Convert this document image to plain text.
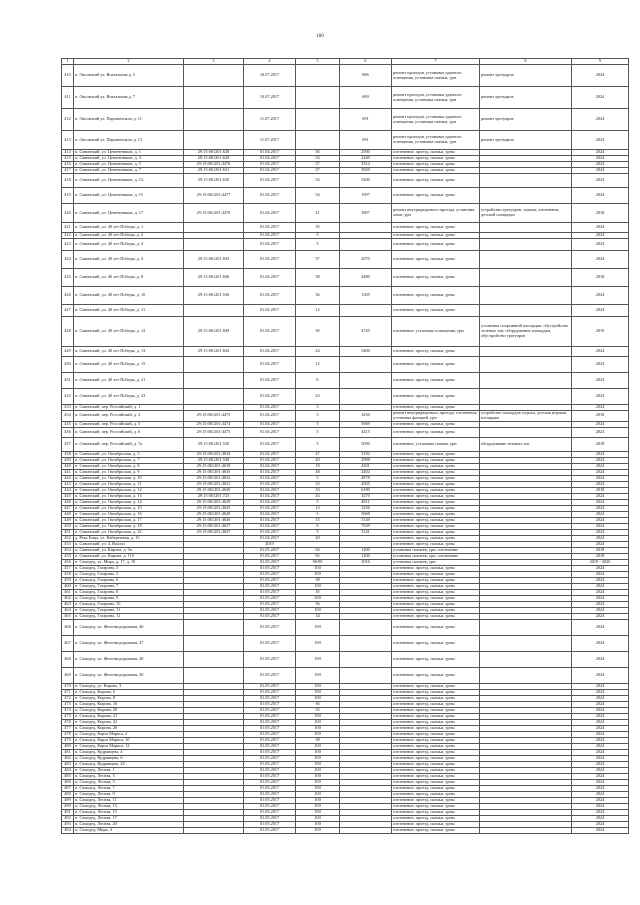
180
1	2	3	4	5	6	7	8	9
410	п. Оксовский ул. Вокзальная д. 5		10.07.2017		686	ремонт проездов, установка удачного освещения, установка скамьи, урн	ремонт тротуаров	2024
411	п. Оксовский ул. Вокзальная д. 7		10.07.2017		690	ремонт проездов, установка удачного освещения, установка скамьи, урн	ремонт тротуаров	2024
412	п. Оксовский ул. Пароменского д. 11		11.07.2017		691	ремонт проездов, установка удачного освещения, установка скамьи, урн	ремонт тротуаров	2024
413	п. Оксовский ул. Пароменского д. 15		11.07.2017		691	ремонт проездов, установка удачного освещения, установка скамьи, урн	ремонт тротуаров	2024
414	п. Савинский, ул. Цементников, д. 1	29:15:061201:628	01.04.2017	36	2500	озеленение, проезд, скамьи, урны		2024
415	п. Савинский, ул. Цементников, д. 3	29:15:061201:629	01.04.2017	54	2440	озеленение, проезд, скамьи, урны		2024
416	п. Савинский, ул. Цементников, д. 5	29:15:061201:4476	01.04.2017	37	3314	озеленение, проезд, скамьи, урны		2024
417	п. Савинский, ул. Цементников, д. 7	29:15:061201:631	01.04.2017	37	3650	озеленение, проезд, скамьи, урны		2024
418	п. Савинский, ул. Цементников, д. 13,	29:15:061201:630	01.04.2017	54	3200	озеленение, проезд, скамьи, урны		2024
419	п. Савинский, ул. Цементников, д. 15	29:15:061201:4477	01.04.2017	54	1997	озеленение, проезд, скамьи, урны		2024
420	п. Савинский, ул. Цементников, д. 17	29:15:061201:4478	01.04.2017	21	3807	ремонт внутридворового проезда, установка ламп, урн	устройство тротуаров, скамьи, озеленение, детской площадки	2018
421	п. Савинский, ул. 40 лет Победы, д. 1		01.04.2017	35		озеленение, проезд, скамьи, урны		2024
422	п. Савинский, ул. 40 лет Победы, д. 2		01.04.2017	5		озеленение, проезд, скамьи, урны		2024
423	п. Савинский, ул. 40 лет Победы, д. 3		01.04.2017	5		озеленение, проезд, скамьи, урны		2024
424	п. Савинский, ул. 40 лет Победы, д. 4	29:15:061201:845	01.04.2017	37	2070	озеленение, проезд, скамьи, урны		2024
425	п. Савинский, ул. 40 лет Победы, д. 8	29:15:061201:846	01.04.2017	38	4480	озеленение, проезд, скамьи, урны		2018
426	п. Савинский, ул. 40 лет Победы, д. 10	29:15:061201:536	01.04.2017	36	1505	озеленение, проезд, скамьи, урны		2024
427	п. Савинский, ул. 40 лет Победы, д. 11		01.04.2017	12		озеленение, проезд, скамьи, урны		2024
428	п. Савинский, ул. 40 лет Победы, д. 12	29:15:061201:849	01.04.2017	30	4745	озеленение, установка освещения, урн	установка спортивной площадки, обустройство зеленых зон, оборудование площадки, обустройство тротуаров	2019
429	п. Савинский, ул. 40 лет Победы, д. 13	29:15:061201:844	01.04.2017	24	3400	озеленение, проезд, скамьи, урны		2024
430	п. Савинский, ул. 40 лет Победы, д. 15		01.04.2017	12		озеленение, проезд, скамьи, урны		2024
431	п. Савинский, ул. 40 лет Победы, д. 21		01.04.2017	6		озеленение, проезд, скамьи, урны		2024
432	п. Савинский, ул. 40 лет Победы, д. 23		01.04.2017	23		озеленение, проезд, скамьи, урны		2024
433	п. Савинский, пер. Российский, д. 1		01.04.2017	5		озеленение, проезд, скамьи, урны		2024
434	п. Савинский, пер. Российский, д. 2	29:15:061201:4473	01.04.2017	5	3250	ремонт внутридворового проезда, озеленение, установка фонарей, урн	устройство площадок отдыха, детская игровая площадка	2018
435	п. Савинский, пер. Российский, д. 5	29:15:061201:4474	01.04.2017	5	5669	озеленение, проезд, скамьи, урны		2024
436	п. Савинский, пер. Российский, д. 6	29:15:061201:4475	01.04.2017	5	4415	озеленение, проезд, скамьи, урны		2024
437	п. Савинский, пер. Российский, д. 7а	29:15:061201:530	01.04.2017	5	5090	озеленение, установка скамьи, урн	оборудование зеленых зон	2018
438	п. Савинский, ул. Октябрьская, д. 5	29:15:061201:4634	01.04.2017	47	3182	озеленение, проезд, скамьи, урны		2024
439	п. Савинский, ул. Октябрьская, д. 7	29:15:061201:548	01.04.2017	20	2998	озеленение, проезд, скамьи, урны		2024
440	п. Савинский, ул. Октябрьская, д. 8	29:15:061201:4618	01.04.2017	18	4201	озеленение, проезд, скамьи, урны		2024
441	п. Савинский, ул. Октябрьская, д. 9	29:15:061201:4633	01.04.2017	48	2402	озеленение, проезд, скамьи, урны		2024
442	п. Савинский, ул. Октябрьская, д. 10	29:15:061201:4632	01.04.2017	5	4878	озеленение, проезд, скамьи, урны		2024
443	п. Савинский, ул. Октябрьская, д. 11	29:15:061201:4631	01.04.2017	33	4505	озеленение, проезд, скамьи, урны		2024
444	п. Савинский, ул. Октябрьская, д. 12	29:15:061201:4630	01.04.2017	33	6180	озеленение, проезд, скамьи, урны		2018
445	п. Савинский, ул. Октябрьская, д. 13	29:15:061201:723	01.04.2017	43	3270	озеленение, проезд, скамьи, урны		2024
446	п. Савинский, ул. Октябрьская, д. 14	29:15:061201:4629	01.04.2017	5	4811	озеленение, проезд, скамьи, урны		2024
447	п. Савинский, ул. Октябрьская, д. 15	29:15:061201:4635	01.04.2017	13	3256	озеленение, проезд, скамьи, урны		2024
448	п. Савинский, ул. Октябрьская, д. 16	29:15:061201:4628	01.04.2017	5	5668	озеленение, проезд, скамьи, урны		2024
449	п. Савинский, ул. Октябрьская, д. 17	29:15:061201:4636	01.04.2017	15	5149	озеленение, проезд, скамьи, урны		2024
450	п. Савинский, ул. Октябрьская, д. 18	29:15:061201:4627	01.04.2017	8	7639	озеленение, проезд, скамьи, урны		2024
451	п. Савинский, ул. Октябрьская, д. 22	29:15:061201:4637	01.04.2017	5	3141	озеленение, проезд, скамьи, урны		2024
452	д. Река Емца, ул. Набережная, д. 15		01.04.2017	20		озеленение, проезд, скамьи, урны		2024
453	п. Савинский, ул. 4, Вокзал		2019			озеленение, проезд, скамьи, урны		2024
454	п. Савинский, ул. Кирова, д. 9а		01.05.2017	64	1200	установка скамеек, урн, озеленение		2018
455	п. Савинский, ул. Кирова, д. 11б		01.05.2017	65	1200	установка скамеек, урн, озеленение		2018
456	п. Самодед, ул. Мира, д. 17, д. 19		01.05.2017	96/90	3016	установка скамеек, урн		2019 - 2020
457	п. Самодед, Гагарина, 3		01.05.2017	100		озеленение, проезд, скамьи, урны		2024
458	п. Самодед, Гагарина, 5		01.05.2017	100		озеленение, проезд, скамьи, урны		2024
459	п. Самодед, Гагарина, 6		01.05.2017	38		озеленение, проезд, скамьи, урны		2024
460	п. Самодед, Гагарина, 7		01.05.2017	100		озеленение, проезд, скамьи, урны		2024
461	п. Самодед, Гагарина, 8		01.05.2017	35		озеленение, проезд, скамьи, урны		2024
462	п. Самодед, Гагарина, 9		01.05.2017	100		озеленение, проезд, скамьи, урны		2024
463	п. Самодед, Гагарина, 10		01.05.2017	36		озеленение, проезд, скамьи, урны		2024
464	п. Самодед, Гагарина, 11		01.05.2017	100		озеленение, проезд, скамьи, урны		2024
465	п. Самодед, Гагарина, 12		01.05.2017	34		озеленение, проезд, скамьи, урны		2024
466	п. Самодед, ул. Железнодорожная, 46		01.05.2017	100		озеленение, проезд, скамьи, урны		2024
467	п. Самодед, ул. Железнодорожная, 47		01.05.2017	100		озеленение, проезд, скамьи, урны		2024
468	п. Самодед, ул. Железнодорожная, 48		01.05.2017	100		озеленение, проезд, скамьи, урны		2024
469	п. Самодед, ул. Железнодорожная, 50		01.05.2017	100		озеленение, проезд, скамьи, урны		2024
470	п. Самодед, ул. Кирова, 3		01.05.2017	100		озеленение, проезд, скамьи, урны		2024
471	п. Самодед, Кирова, 6		01.05.2017	100		озеленение, проезд, скамьи, урны		2024
472	п. Самодед, Кирова, 8		01.05.2017	100		озеленение, проезд, скамьи, урны		2024
473	п. Самодед, Кирова, 16		01.05.2017	36		озеленение, проезд, скамьи, урны		2024
474	п. Самодед, Кирова, 20		01.05.2017	35		озеленение, проезд, скамьи, урны		2024
475	п. Самодед, Кирова, 21		01.05.2017	100		озеленение, проезд, скамьи, урны		2024
476	п. Самодед, Кирова, 22		01.05.2017	100		озеленение, проезд, скамьи, урны		2024
477	п. Самодед, Кирова, 26		01.05.2017	100		озеленение, проезд, скамьи, урны		2024
478	п. Самодед, Карла Маркса, 2		01.05.2017	100		озеленение, проезд, скамьи, урны		2024
479	п. Самодед, Карла Маркса, 10		01.05.2017	38		озеленение, проезд, скамьи, урны		2024
480	п. Самодед, Карла Маркса, 12		01.05.2017	100		озеленение, проезд, скамьи, урны		2024
481	п. Самодед, Кудрявцева, 4		01.05.2017	100		озеленение, проезд, скамьи, урны		2024
482	п. Самодед, Кудрявцева, 6		01.05.2017	100		озеленение, проезд, скамьи, урны		2024
483	п. Самодед, Кудрявцева, 24		01.05.2017	100		озеленение, проезд, скамьи, урны		2024
484	п. Самодед, Лесная, 1		01.05.2017	100		озеленение, проезд, скамьи, урны		2024
485	п. Самодед, Лесная, 3		01.05.2017	100		озеленение, проезд, скамьи, урны		2024
486	п. Самодед, Лесная, 5		01.05.2017	100		озеленение, проезд, скамьи, урны		2024
487	п. Самодед, Лесная, 7		01.05.2017	100		озеленение, проезд, скамьи, урны		2024
488	п. Самодед, Лесная, 9		01.05.2017	100		озеленение, проезд, скамьи, урны		2024
489	п. Самодед, Лесная, 11		01.05.2017	100		озеленение, проезд, скамьи, урны		2024
490	п. Самодед, Лесная, 13		01.05.2017	100		озеленение, проезд, скамьи, урны		2024
491	п. Самодед, Лесная, 15		01.05.2017	100		озеленение, проезд, скамьи, урны		2024
492	п. Самодед, Лесная, 17		01.05.2017	100		озеленение, проезд, скамьи, урны		2024
493	п. Самодед, Лесная, 20		01.05.2017	100		озеленение, проезд, скамьи, урны		2024
494	п. Самодед, Мира, 4		01.05.2017	100		озеленение, проезд, скамьи, урны		2024
